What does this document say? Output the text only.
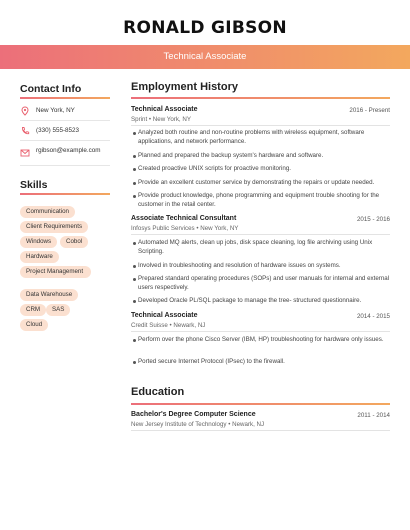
RONALD GIBSON
Technical Associate
Contact Info
New York, NY
(330) 555-8523
rgibson@example.com
Skills
Communication
Client Requirements
Windows	Cobol
Hardware
Project Management
Data Warehouse
CRM	SAS
Cloud
Employment History
Technical Associate	2016 - Present
Sprint • New York, NY
Analyzed both routine and non-routine problems with wireless equipment, software applications, and network performance.
Planned and prepared the backup system's hardware and software.
Created proactive UNIX scripts for proactive monitoring.
Provide an excellent customer service by demonstrating the repairs or update needed.
Provide product knowledge, phone programming and equipment trouble shooting for the customer in the retail center.
Associate Technical Consultant	2015 - 2016
Infosys Public Services • New York, NY
Automated MQ alerts, clean up jobs, disk space cleaning, log file archiving using Unix Scripting.
Involved in troubleshooting and resolution of hardware issues on systems.
Prepared standard operating procedures (SOPs) and user manuals for internal and external users respectively.
Developed Oracle PL/SQL package to manage the tree- structured questionnaire.
Technical Associate	2014 - 2015
Credit Suisse • Newark, NJ
Perform over the phone Cisco Server (IBM, HP) troubleshooting for hardware only issues.
Ported secure Internet Protocol (IPsec) to the firewall.
Education
Bachelor's Degree Computer Science	2011 - 2014
New Jersey Institute of Technology • Newark, NJ
